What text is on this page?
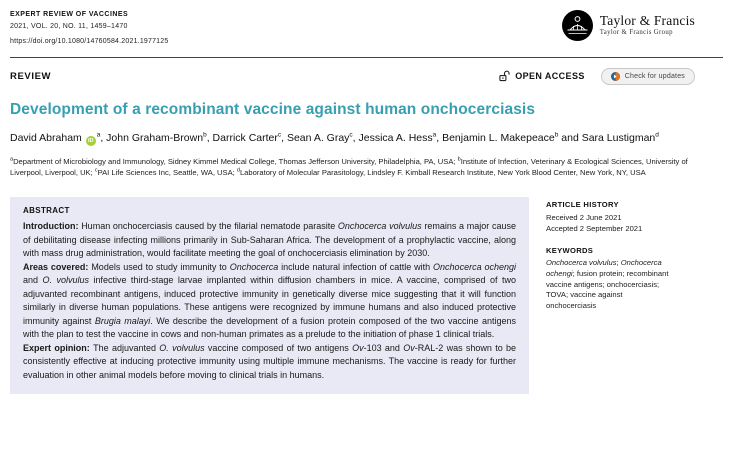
EXPERT REVIEW OF VACCINES
2021, VOL. 20, NO. 11, 1459–1470
https://doi.org/10.1080/14760584.2021.1977125
Taylor & Francis
Taylor & Francis Group
REVIEW	OPEN ACCESS	Check for updates
Development of a recombinant vaccine against human onchocerciasis
David Abraham $iD^a$, John Graham-Brown$^b$, Darrick Carter$^c$, Sean A. Gray$^c$, Jessica A. Hess$^a$, Benjamin L. Makepeace$^b$ and Sara Lustigman$^d$
$^a$Department of Microbiology and Immunology, Sidney Kimmel Medical College, Thomas Jefferson University, Philadelphia, PA, USA; $^b$Institute of Infection, Veterinary & Ecological Sciences, University of Liverpool, Liverpool, UK; $^c$PAI Life Sciences Inc, Seattle, WA, USA; $^d$Laboratory of Molecular Parasitology, Lindsley F. Kimball Research Institute, New York Blood Center, New York, NY, USA
ABSTRACT

Introduction: Human onchocerciasis caused by the filarial nematode parasite Onchocerca volvulus remains a major cause of debilitating disease infecting millions primarily in Sub-Saharan Africa. The development of a prophylactic vaccine, along with mass drug administration, would facilitate meeting the goal of onchocerciasis elimination by 2030.

Areas covered: Models used to study immunity to Onchocerca include natural infection of cattle with Onchocerca ochengi and O. volvulus infective third-stage larvae implanted within diffusion chambers in mice. A vaccine, comprised of two adjuvanted recombinant antigens, induced protective immunity in genetically diverse mice suggesting that it will function similarly in diverse human populations. These antigens were recognized by immune humans and also induced protective immunity against Brugia malayi. We describe the development of a fusion protein composed of the two vaccine antigens with the plan to test the vaccine in cows and non-human primates as a prelude to the initiation of phase 1 clinical trials.

Expert opinion: The adjuvanted O. volvulus vaccine composed of two antigens Ov-103 and Ov-RAL-2 was shown to be consistently effective at inducing protective immunity using multiple immune mechanisms. The vaccine is ready for further evaluation in other animal models before moving to clinical trials in humans.

ARTICLE HISTORY
Received 2 June 2021
Accepted 2 September 2021
KEYWORDS
Onchocerca volvulus; Onchocerca ochengi; fusion protein; recombinant vaccine antigens; onchocerciasis; TOVA; vaccine against onchocerciasis
